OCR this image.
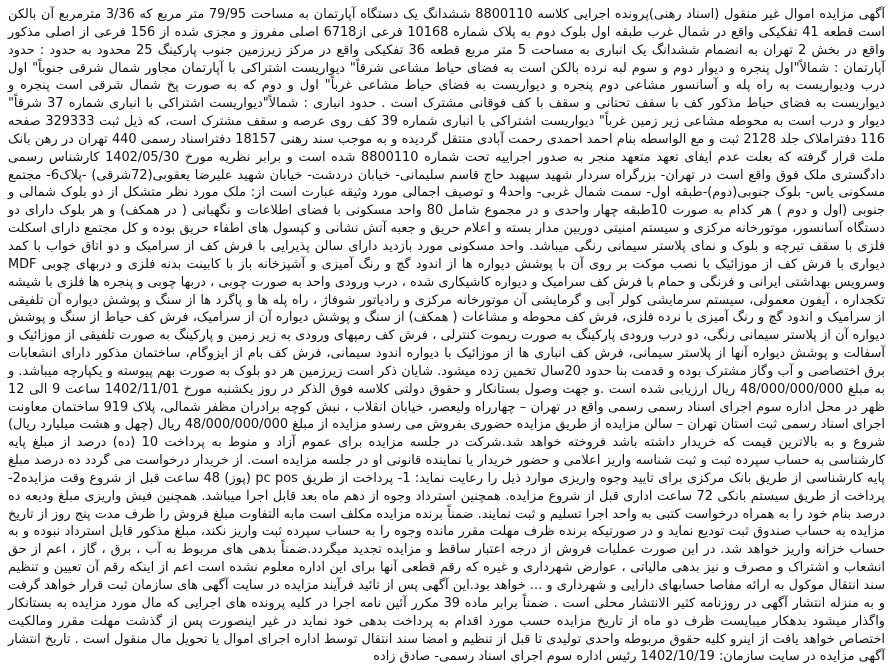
آگهی مزایده اموال غیر منقول (اسناد رهنی)پرونده اجرایی کلاسه 8800110 ششدانگ یک دستگاه آپارتمان به مساحت 79/95 متر مربع که 3/36 مترمربع آن بالکن است قطعه 41 تفکیکی واقع در شمال غرب طبقه اول بلوک دوم به پلاک شماره 10168 فرعی از6718 اصلی مفروز و مجزی شده از 156 فرعی از اصلی مذکور واقع در بخش 2 تهران به انضمام ششدانگ یک انباری به مساحت 5 متر مربع قطعه 36 تفکیکی واقع در مرکز زیرزمین جنوب پارکینگ 25 محدود به حدود : حدود آپارتمان : شمالاً"اول پنجره و دیوار دوم و سوم لبه نرده بالکن است به فضای حیاط مشاعی شرقاً" دیواریست اشتراکی با آپارتمان مجاور شمال شرقی جنوباً" اول درب ودیواریست به راه پله و آسانسور مشاعی دوم پنجره و دیواریست به فضای حیاط مشاعی غرباً" اول و دوم که به صورت پخ شمال شرقی است پنجره و دیواریست به فضای حیاط مذکور کف با سقف تحتانی و سقف با کف فوقانی مشترک است . حدود انباری : شمالاً"دیواریست اشتراکی با انباری شماره 37 شرقاً" دیوار و درب است به محوطه مشاعی زیر زمین غرباً" دیواریست اشتراکی با انباری شماره 39 کف روی عرصه و سقف مشترک است، که ذیل ثبت 329333 صفحه 116 دفتراملاک جلد 2128 ثبت و مع الواسطه بنام احمد احمدی رحمت آبادی منتقل گردیده و به موجب سند رهنی 18157 دفتراسناد رسمی 440 تهران در رهن بانک ملت قرار گرفته که بعلت عدم ایفای تعهد متعهد منجر به صدور اجراییه تحت شماره 8800110 شده است و برابر نظریه مورخ 1402/05/30 کارشناس رسمی دادگستری ملک فوق واقع است در تهران- بزرگراه سردار شهید سپهبد حاج قاسم سلیمانی- خیابان دردشت- خیابان شهید علیرضا یعقوبی(72شرقی) -پلاک6- مجتمع مسکونی یاس- بلوک جنوبی(دوم)-طبقه اول- سمت شمال غربی- واحد4 و توصیف اجمالی مورد وثیقه عبارت است از: ملک مورد نظر متشکل از دو بلوک شمالی و جنوبی (اول و دوم ) هر کدام به صورت 10طبقه چهار واحدی و در مجموع شامل 80 واحد مسکونی با فضای اطلاعات و نگهبانی ( در همکف) و هر بلوک دارای دو دستگاه آسانسور، موتورخانه مرکزی و سیستم امنیتی دوربین مدار بسته و اعلام حریق و جعبه آتش نشانی و کپسول های اطفاء حریق بوده و کل مجتمع دارای اسکلت فلزی با سقف تیرچه و بلوک و نمای پلاستر سیمانی رنگی میباشد. واحد مسکونی مورد بازدید دارای سالن پذیرایی با فرش کف از سرامیک و دو اتاق خواب با کمد دیواری با فرش کف از موزائیک با نصب موکت بر روی آن با پوشش دیواره ها از اندود گچ و رنگ آمیزی و آشپزخانه باز با کابینت بدنه فلزی و دربهای چوبی MDF وسرویس بهداشتی ایرانی و فرنگی و حمام با فرش کف سرامیک و دیواره کاشیکاری شده ، درب ورودی واحد به صورت چوبی ، دربها چوبی و پنجره ها فلزی با شیشه تکجداره ، آیفون معمولی، سیستم سرمایشی کولر آبی و گرمایشی آن موتورخانه مرکزی و رادیاتور شوفاژ ، راه پله ها و پاگرد ها از سنگ و پوشش دیواره آن تلفیقی از سرامیک و اندود گچ و رنگ آمیزی با نرده فلزی، فرش کف محوطه و مشاعات ( همکف) از سنگ و پوشش دیواره آن از سرامیک، فرش کف حیاط از سنگ و پوشش دیواره آن از پلاستر سیمانی رنگی، دو درب ورودی پارکینگ به صورت ریموت کنترلی ، فرش کف رمپهای ورودی به زیر زمین و پارکینگ به صورت تلفیقی از موزائیک و آسفالت و پوشش دیواره آنها از پلاستر سیمانی، فرش کف انباری ها از موزائیک با دیواره اندود سیمانی، فرش کف بام از ایزوگام، ساختمان مذکور دارای انشعابات برق اختصاصی و آب وگاز مشترک بوده و قدمت بنا حدود 20سال تخمین زده میشود. شایان ذکر است زیرزمین هر دو بلوک به صورت بهم پیوسته و یکپارچه میباشد. و به مبلغ 48/000/000/000 ریال ارزیابی شده است .و جهت وصول بستانکار و حقوق دولتی کلاسه فوق الذکر در روز یکشنبه مورخ 1402/11/01 ساعت 9 الی 12 ظهر در محل اداره سوم اجرای اسناد رسمی رسمی واقع در تهران – چهارراه ولیعصر، خیابان انقلاب ، نبش کوچه برادران مظفر شمالی، پلاک 919 ساختمان معاونت اجرای اسناد رسمی ثبت استان تهران – سالن مزایده از طریق مزایده حضوری بفروش می رسدو مزایده از مبلغ 48/000/000/000 ریال (چهل و هشت میلیارد ریال) شروع و به بالاترین قیمت که خریدار داشته باشد فروخته خواهد شد.شرکت در جلسه مزایده برای عموم آزاد و منوط به پرداخت 10 (ده) درصد از مبلغ پایه کارشناسی به حساب سپرده ثبت و ثبت شناسه واریز اعلامی و حضور خریدار یا نماینده قانونی او در جلسه مزایده است. از خریدار درخواست می گردد ده درصد مبلغ پایه کارشناسی از طریق بانک مرکزی برای تایید وجوه واریزی موارد ذیل را رعایت نماید: 1- پرداخت از طریق pc pos (پوز) 48 ساعت قبل از شروع وقت مزایده2- پرداخت از طریق سیستم بانکی 72 ساعت اداری قبل از شروع مزایده. همچنین استرداد وجوه از دهم ماه بعد قابل اجرا میباشد. همچنین فیش واریزی مبلغ ودیعه ده درصد بنام خود را به همراه درخواست کتبی به واحد اجرا تسلیم و ثبت نمایند. ضمناً برنده مزایده مکلف است مابه التفاوت مبلغ فروش را ظرف مدت پنج روز از تاریخ مزایده به حساب صندوق ثبت تودیع نماید و در صورتیکه برنده ظرف مهلت مقرر مانده وجوه را به حساب سپرده ثبت واریز نکند، مبلغ مذکور قابل استرداد نبوده و به حساب خزانه واریز خواهد شد. در این صورت عملیات فروش از درجه اعتبار ساقط و مزایده تجدید میگردد.ضمناً بدهی های مربوط به آب ، برق ، گاز ، اعم از حق انشعاب و اشتراک و مصرف و نیز بدهی مالیاتی ، عوارض شهرداری و غیره که رقم قطعی آنها برای این اداره معلوم نشده است اعم از اینکه رقم آن تعیین و تنظیم سند انتقال موکول به ارائه مفاصا حسابهای دارایی و شهرداری و ... خواهد بود.این آگهی پس از تائید فرآیند مزایده در سایت آگهی های سازمان ثبت قرار خواهد گرفت و به منزله انتشار آگهی در روزنامه کثیر الانتشار محلی است . ضمناً برابر ماده 39 مکرر آئین نامه اجرا در کلیه پرونده های اجرایی که مال مورد مزایده به بستانکار واگذار میشود بدهکار میبایست ظرف دو ماه از تاریخ مزایده حسب مورد اقدام به پرداخت بدهی خود نماید در غیر اینصورت پس از گذشت مهلت مقرر ومالکیت اختصاص خواهد یافت از اینرو کلیه حقوق مربوطه واحدی تولیدی تا قبل از تنظیم و امضا سند انتقال توسط اداره اجرای اموال یا تحویل مال منقول است . تاریخ انتشار آگهی مزایده در سایت سازمان: 1402/10/19 رئیس اداره سوم اجرای اسناد رسمی- صادق زاده
